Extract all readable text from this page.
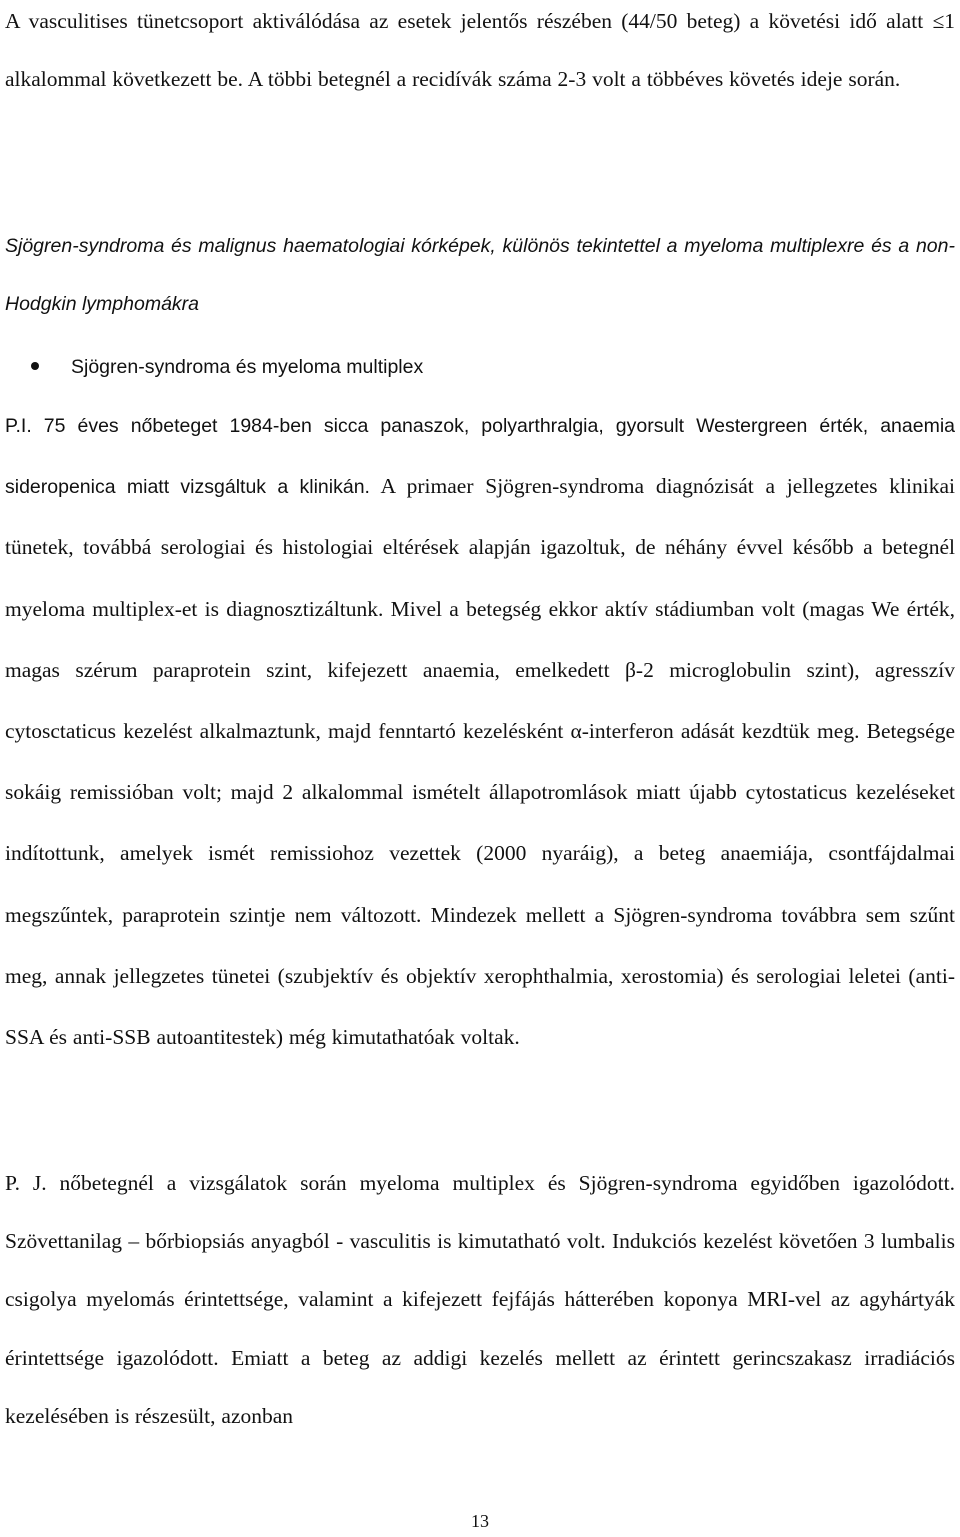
A vasculitises tünetcsoport aktiválódása az esetek jelentős részében (44/50 beteg) a követési idő alatt ≤1 alkalommal következett be. A többi betegnél a recidívák száma 2-3 volt a többéves követés ideje során.
Sjögren-syndroma és malignus haematologiai kórképek, különös tekintettel a myeloma multiplexre és a non-Hodgkin lymphomákra
Sjögren-syndroma és myeloma multiplex
P.I. 75 éves nőbeteget 1984-ben sicca panaszok, polyarthralgia, gyorsult Westergreen érték, anaemia sideropenica miatt vizsgáltuk a klinikán. A primaer Sjögren-syndroma diagnózisát a jellegzetes klinikai tünetek, továbbá serologiai és histologiai eltérések alapján igazoltuk, de néhány évvel később a betegnél myeloma multiplex-et is diagnosztizáltunk. Mivel a betegség ekkor aktív stádiumban volt (magas We érték, magas szérum paraprotein szint, kifejezett anaemia, emelkedett β-2 microglobulin szint), agresszív cytosctaticus kezelést alkalmaztunk, majd fenntartó kezelésként α-interferon adását kezdtük meg. Betegsége sokáig remissióban volt; majd 2 alkalommal ismételt állapotromlások miatt újabb cytostaticus kezeléseket indítottunk, amelyek ismét remissiohoz vezettek (2000 nyaráig), a beteg anaemiája, csontfájdalmai megszűntek, paraprotein szintje nem változott. Mindezek mellett a Sjögren-syndroma továbbra sem szűnt meg, annak jellegzetes tünetei (szubjektív és objektív xerophthalmia, xerostomia) és serologiai leletei (anti-SSA és anti-SSB autoantitestek) még kimutathatóak voltak.
P. J. nőbetegnél a vizsgálatok során myeloma multiplex és Sjögren-syndroma egyidőben igazolódott. Szövettanilag – bőrbiopsiás anyagból - vasculitis is kimutatható volt. Indukciós kezelést követően 3 lumbalis csigolya myelomás érintettsége, valamint a kifejezett fejfájás hátterében koponya MRI-vel az agyhártyák érintettsége igazolódott. Emiatt a beteg az addigi kezelés mellett az érintett gerincszakasz irradiációs kezelésében is részesült, azonban
13
